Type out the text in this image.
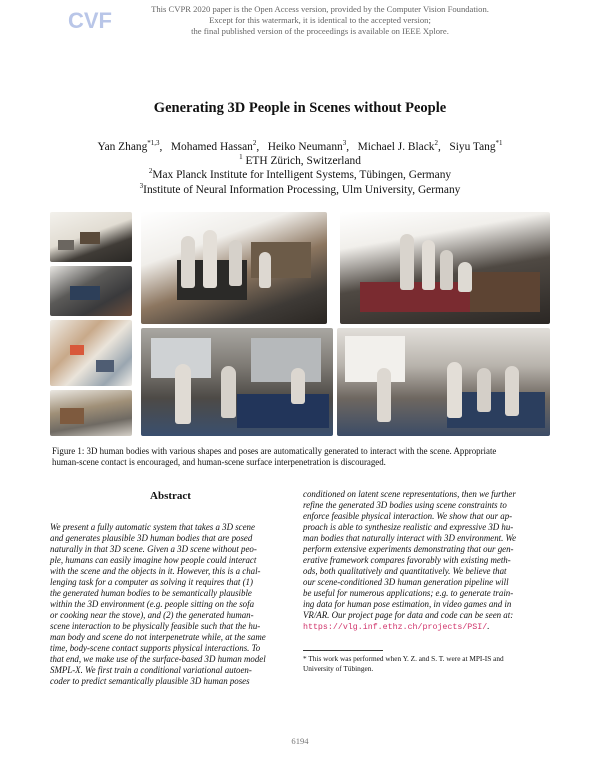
CVF	This CVPR 2020 paper is the Open Access version, provided by the Computer Vision Foundation.
Except for this watermark, it is identical to the accepted version;
the final published version of the proceedings is available on IEEE Xplore.
Generating 3D People in Scenes without People
Yan Zhang$^{*1,3}$,   Mohamed Hassan$^2$,   Heiko Neumann$^3$,   Michael J. Black$^2$,   Siyu Tang$^{*1}$
$^1$ ETH Zürich, Switzerland
$^2$Max Planck Institute for Intelligent Systems, Tübingen, Germany
$^3$Institute of Neural Information Processing, Ulm University, Germany
Figure 1: 3D human bodies with various shapes and poses are automatically generated to interact with the scene. Appropriate
human-scene contact is encouraged, and human-scene surface interpenetration is discouraged.
Abstract
We present a fully automatic system that takes a 3D scene
and generates plausible 3D human bodies that are posed
naturally in that 3D scene. Given a 3D scene without peo-
ple, humans can easily imagine how people could interact
with the scene and the objects in it. However, this is a chal-
lenging task for a computer as solving it requires that (1)
the generated human bodies to be semantically plausible
within the 3D environment (e.g. people sitting on the sofa
or cooking near the stove), and (2) the generated human-
scene interaction to be physically feasible such that the hu-
man body and scene do not interpenetrate while, at the same
time, body-scene contact supports physical interactions. To
that end, we make use of the surface-based 3D human model
SMPL-X. We first train a conditional variational autoen-
coder to predict semantically plausible 3D human poses
conditioned on latent scene representations, then we further
refine the generated 3D bodies using scene constraints to
enforce feasible physical interaction. We show that our ap-
proach is able to synthesize realistic and expressive 3D hu-
man bodies that naturally interact with 3D environment. We
perform extensive experiments demonstrating that our gen-
erative framework compares favorably with existing meth-
ods, both qualitatively and quantitatively. We believe that
our scene-conditioned 3D human generation pipeline will
be useful for numerous applications; e.g. to generate train-
ing data for human pose estimation, in video games and in
VR/AR. Our project page for data and code can be seen at:
https://vlg.inf.ethz.ch/projects/PSI/.
* This work was performed when Y. Z. and S. T. were at MPI-IS and
University of Tübingen.
6194
